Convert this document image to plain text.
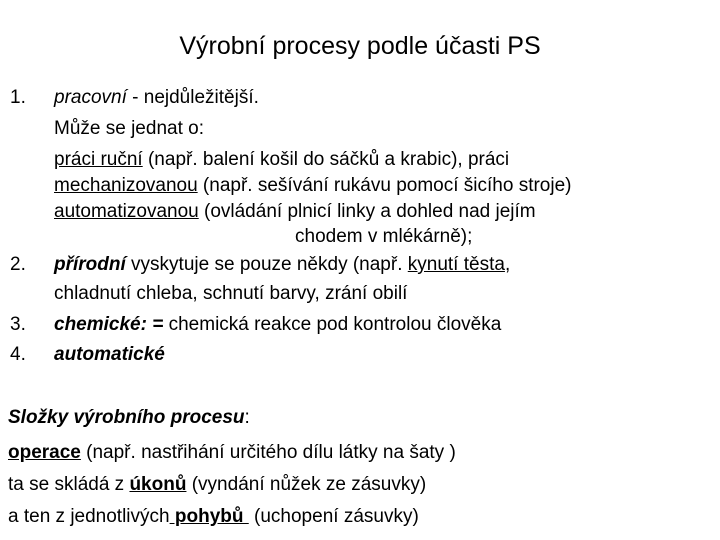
Výrobní procesy podle účasti PS
1. pracovní - nejdůležitější.
Může se jednat o:
práci ruční (např. balení košil do sáčků a krabic), práci
mechanizovanou (např. sešívání rukávu pomocí šicího stroje)
automatizovanou (ovládání plnicí linky a dohled nad jejím
chodem v mlékárně);
2. přírodní vyskytuje se pouze někdy (např. kynutí těsta,
chladnutí chleba, schnutí barvy, zrání obilí
3. chemické: = chemická reakce pod kontrolou člověka
4. automatické
Složky výrobního procesu:
operace (např. nastřihání určitého dílu látky na šaty )
ta se skládá z úkonů (vyndání nůžek ze zásuvky)
a ten z jednotlivých pohybů  (uchopení zásuvky)
